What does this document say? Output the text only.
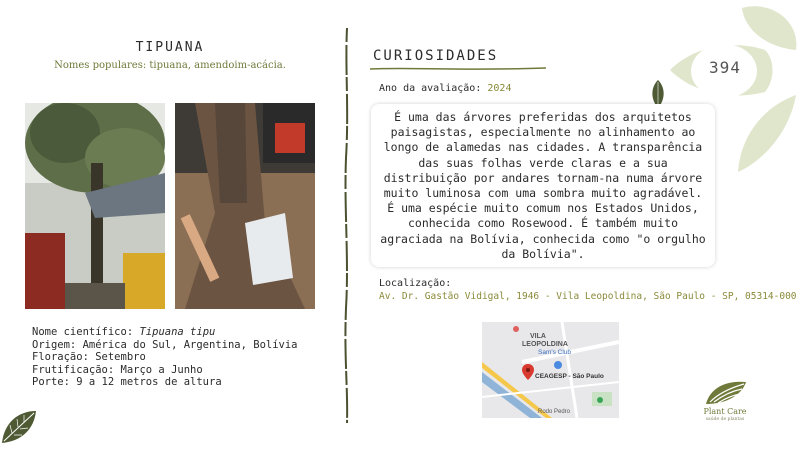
394
TIPUANA
Nomes populares: tipuana, amendoim-acácia.
Nome científico: Tipuana tipu
Origem: América do Sul, Argentina, Bolívia
Floração: Setembro
Frutificação: Março a Junho
Porte: 9 a 12 metros de altura
CURIOSIDADES
Ano da avaliação: 2024
É uma das árvores preferidas dos arquitetos paisagistas, especialmente no alinhamento ao longo de alamedas nas cidades. A transparência das suas folhas verde claras e a sua distribuição por andares tornam-na numa árvore muito luminosa com uma sombra muito agradável. É uma espécie muito comum nos Estados Unidos, conhecida como Rosewood. É também muito agraciada na Bolívia, conhecida como "o orgulho da Bolívia".
Localização:
Av. Dr. Gastão Vidigal, 1946 - Vila Leopoldina, São Paulo - SP, 05314-000
VILA
LEOPOLDINA
Sam's Club
CEAGESP - São Paulo
Rodo Pedro	Plant Care
saúde de plantas
